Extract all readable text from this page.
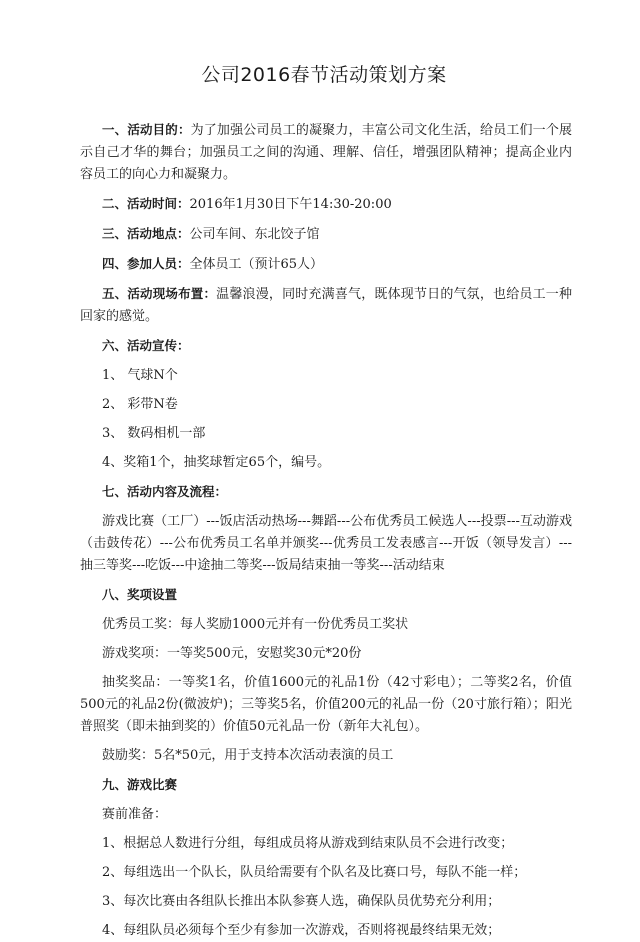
公司2016春节活动策划方案

一、活动目的：为了加强公司员工的凝聚力，丰富公司文化生活，给员工们一个展示自己才华的舞台；加强员工之间的沟通、理解、信任，增强团队精神；提高企业内容员工的向心力和凝聚力。

二、活动时间：2016年1月30日下午14:30-20:00

三、活动地点：公司车间、东北饺子馆

四、参加人员：全体员工（预计65人）

五、活动现场布置：温馨浪漫，同时充满喜气，既体现节日的气氛，也给员工一种回家的感觉。

六、活动宣传：

1、 气球N个

2、 彩带N卷

3、 数码相机一部

4、奖箱1个，抽奖球暂定65个，编号。

七、活动内容及流程：

游戏比赛（工厂）---饭店活动热场---舞蹈---公布优秀员工候选人---投票---互动游戏（击鼓传花）---公布优秀员工名单并颁奖---优秀员工发表感言---开饭（领导发言）---抽三等奖---吃饭---中途抽二等奖---饭局结束抽一等奖---活动结束

八、奖项设置

优秀员工奖：每人奖励1000元并有一份优秀员工奖状

游戏奖项：一等奖500元，安慰奖30元*20份

抽奖奖品：一等奖1名，价值1600元的礼品1份（42寸彩电）；二等奖2名，价值500元的礼品2份(微波炉)；三等奖5名，价值200元的礼品一份（20寸旅行箱）；阳光普照奖（即未抽到奖的）价值50元礼品一份（新年大礼包）。

鼓励奖：5名*50元，用于支持本次活动表演的员工

九、游戏比赛

赛前准备：

1、根据总人数进行分组，每组成员将从游戏到结束队员不会进行改变；

2、每组选出一个队长，队员给需要有个队名及比赛口号，每队不能一样；

3、每次比赛由各组队长推出本队参赛人选，确保队员优势充分利用；

4、每组队员必须每个至少有参加一次游戏，否则将视最终结果无效；
